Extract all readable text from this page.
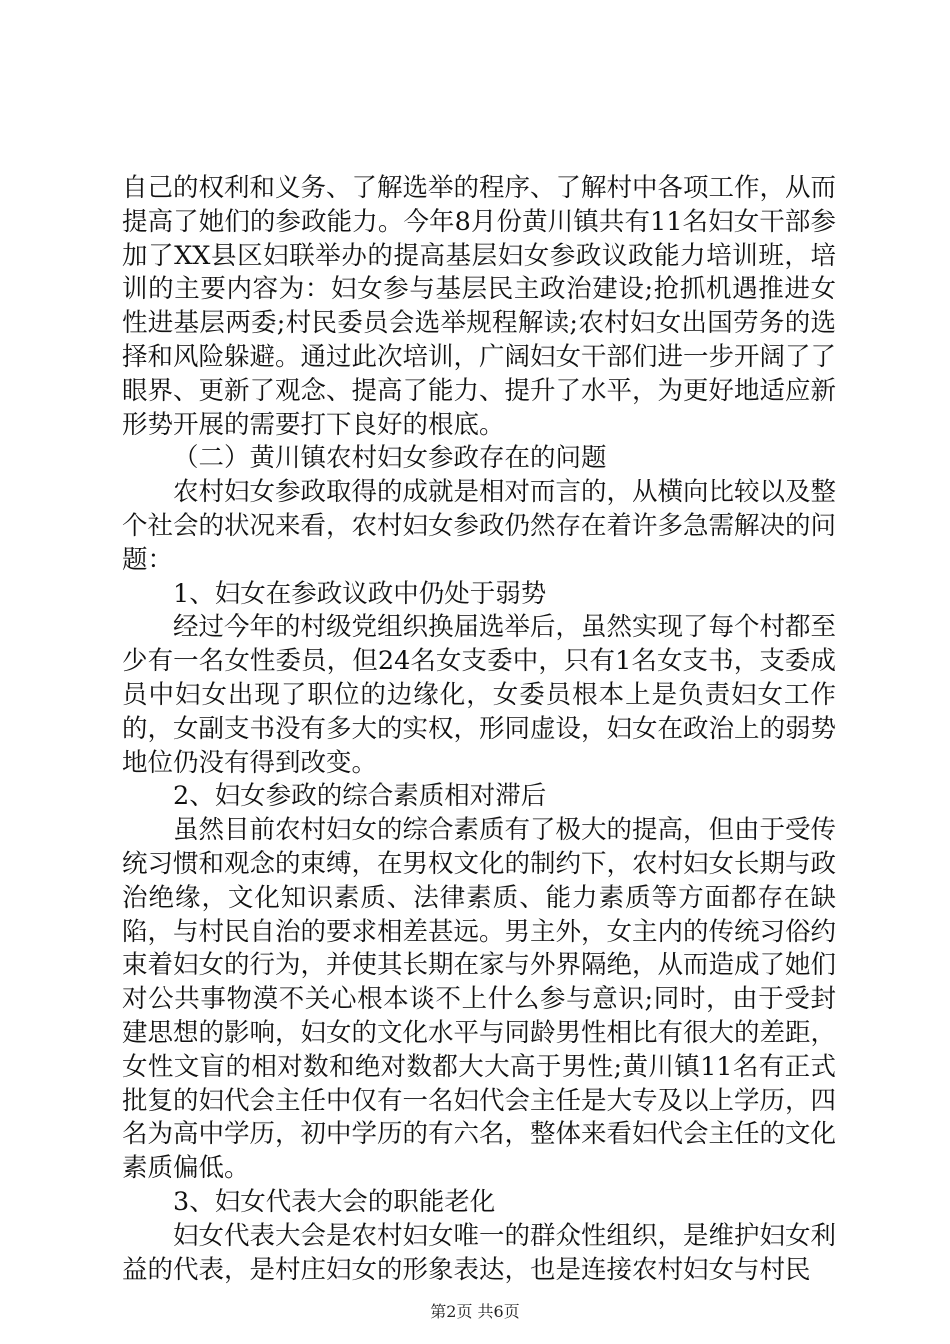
自己的权利和义务、了解选举的程序、了解村中各项工作，从而提高了她们的参政能力。今年8月份黄川镇共有11名妇女干部参加了XX县区妇联举办的提高基层妇女参政议政能力培训班，培训的主要内容为：妇女参与基层民主政治建设;抢抓机遇推进女性进基层两委;村民委员会选举规程解读;农村妇女出国劳务的选择和风险躲避。通过此次培训，广阔妇女干部们进一步开阔了了眼界、更新了观念、提高了能力、提升了水平，为更好地适应新形势开展的需要打下良好的根底。

（二）黄川镇农村妇女参政存在的问题

农村妇女参政取得的成就是相对而言的，从横向比较以及整个社会的状况来看，农村妇女参政仍然存在着许多急需解决的问题：

1、妇女在参政议政中仍处于弱势

经过今年的村级党组织换届选举后，虽然实现了每个村都至少有一名女性委员，但24名女支委中，只有1名女支书，支委成员中妇女出现了职位的边缘化，女委员根本上是负责妇女工作的，女副支书没有多大的实权，形同虚设，妇女在政治上的弱势地位仍没有得到改变。

2、妇女参政的综合素质相对滞后

虽然目前农村妇女的综合素质有了极大的提高，但由于受传统习惯和观念的束缚，在男权文化的制约下，农村妇女长期与政治绝缘，文化知识素质、法律素质、能力素质等方面都存在缺陷，与村民自治的要求相差甚远。男主外，女主内的传统习俗约束着妇女的行为，并使其长期在家与外界隔绝，从而造成了她们对公共事物漠不关心根本谈不上什么参与意识;同时，由于受封建思想的影响，妇女的文化水平与同龄男性相比有很大的差距，女性文盲的相对数和绝对数都大大高于男性;黄川镇11名有正式批复的妇代会主任中仅有一名妇代会主任是大专及以上学历，四名为高中学历，初中学历的有六名，整体来看妇代会主任的文化素质偏低。

3、妇女代表大会的职能老化

妇女代表大会是农村妇女唯一的群众性组织，是维护妇女利益的代表，是村庄妇女的形象表达，也是连接农村妇女与村民

第2页 共6页
